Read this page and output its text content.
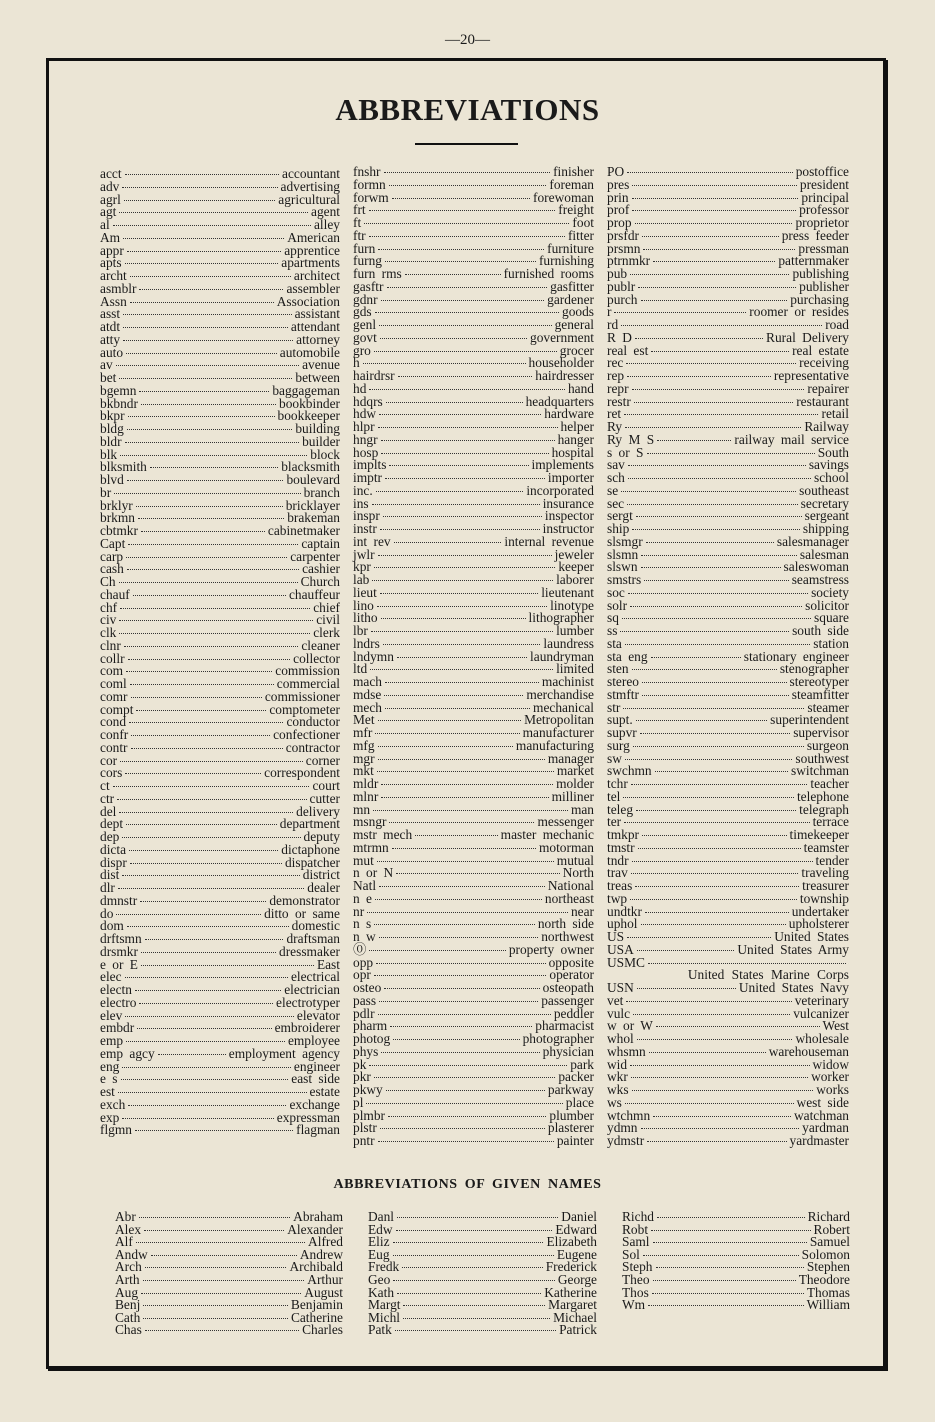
—20—
ABBREVIATIONS
acct	accountant
adv	advertising
agrl	agricultural
agt	agent
al	alley
Am	American
appr	apprentice
apts	apartments
archt	architect
asmblr	assembler
Assn	Association
asst	assistant
atdt	attendant
atty	attorney
auto	automobile
av	avenue
bet	between
bgemn	baggageman
bkbndr	bookbinder
bkpr	bookkeeper
bldg	building
bldr	builder
blk	block
blksmith	blacksmith
blvd	boulevard
br	branch
brklyr	bricklayer
brkmn	brakeman
cbtmkr	cabinetmaker
Capt	captain
carp	carpenter
cash	cashier
Ch	Church
chauf	chauffeur
chf	chief
civ	civil
clk	clerk
clnr	cleaner
collr	collector
com	commission
coml	commercial
comr	commissioner
compt	comptometer
cond	conductor
confr	confectioner
contr	contractor
cor	corner
cors	correspondent
ct	court
ctr	cutter
del	delivery
dept	department
dep	deputy
dicta	dictaphone
dispr	dispatcher
dist	district
dlr	dealer
dmnstr	demonstrator
do	ditto or same
dom	domestic
drftsmn	draftsman
drsmkr	dressmaker
e or E	East
elec	electrical
electn	electrician
electro	electrotyper
elev	elevator
embdr	embroiderer
emp	employee
emp agcy	employment agency
eng	engineer
e s	east side
est	estate
exch	exchange
exp	expressman
flgmn	flagman
fnshr	finisher
formn	foreman
forwm	forewoman
frt	freight
ft	foot
ftr	fitter
furn	furniture
furng	furnishing
furn rms	furnished rooms
gasftr	gasfitter
gdnr	gardener
gds	goods
genl	general
govt	government
gro	grocer
h	householder
hairdrsr	hairdresser
hd	hand
hdqrs	headquarters
hdw	hardware
hlpr	helper
hngr	hanger
hosp	hospital
implts	implements
imptr	importer
inc.	incorporated
ins	insurance
inspr	inspector
instr	instructor
int rev	internal revenue
jwlr	jeweler
kpr	keeper
lab	laborer
lieut	lieutenant
lino	linotype
litho	lithographer
lbr	lumber
lndrs	laundress
lndymn	laundryman
ltd	limited
mach	machinist
mdse	merchandise
mech	mechanical
Met	Metropolitan
mfr	manufacturer
mfg	manufacturing
mgr	manager
mkt	market
mldr	molder
mlnr	milliner
mn	man
msngr	messenger
mstr mech	master mechanic
mtrmn	motorman
mut	mutual
n or N	North
Natl	National
n e	northeast
nr	near
n s	north side
n w	northwest
⓪	property owner
opp	opposite
opr	operator
osteo	osteopath
pass	passenger
pdlr	peddler
pharm	pharmacist
photog	photographer
phys	physician
pk	park
pkr	packer
pkwy	parkway
pl	place
plmbr	plumber
plstr	plasterer
pntr	painter
PO	postoffice
pres	president
prin	principal
prof	professor
prop	proprietor
prsfdr	press feeder
prsmn	pressman
ptrnmkr	patternmaker
pub	publishing
publr	publisher
purch	purchasing
r	roomer or resides
rd	road
R D	Rural Delivery
real est	real estate
rec	receiving
rep	representative
repr	repairer
restr	restaurant
ret	retail
Ry	Railway
Ry M S	railway mail service
s or S	South
sav	savings
sch	school
se	southeast
sec	secretary
sergt	sergeant
ship	shipping
slsmgr	salesmanager
slsmn	salesman
slswn	saleswoman
smstrs	seamstress
soc	society
solr	solicitor
sq	square
ss	south side
sta	station
sta eng	stationary engineer
sten	stenographer
stereo	stereotyper
stmftr	steamfitter
str	steamer
supt.	superintendent
supvr	supervisor
surg	surgeon
sw	southwest
swchmn	switchman
tchr	teacher
tel	telephone
teleg	telegraph
ter	terrace
tmkpr	timekeeper
tmstr	teamster
tndr	tender
trav	traveling
treas	treasurer
twp	township
undtkr	undertaker
uphol	upholsterer
US	United States
USA	United States Army
USMC
United States Marine Corps
USN	United States Navy
vet	veterinary
vulc	vulcanizer
w or W	West
whol	wholesale
whsmn	warehouseman
wid	widow
wkr	worker
wks	works
ws	west side
wtchmn	watchman
ydmn	yardman
ydmstr	yardmaster
ABBREVIATIONS OF GIVEN NAMES
Abr	Abraham
Alex	Alexander
Alf	Alfred
Andw	Andrew
Arch	Archibald
Arth	Arthur
Aug	August
Benj	Benjamin
Cath	Catherine
Chas	Charles
Danl	Daniel
Edw	Edward
Eliz	Elizabeth
Eug	Eugene
Fredk	Frederick
Geo	George
Kath	Katherine
Margt	Margaret
Michl	Michael
Patk	Patrick
Richd	Richard
Robt	Robert
Saml	Samuel
Sol	Solomon
Steph	Stephen
Theo	Theodore
Thos	Thomas
Wm	William
